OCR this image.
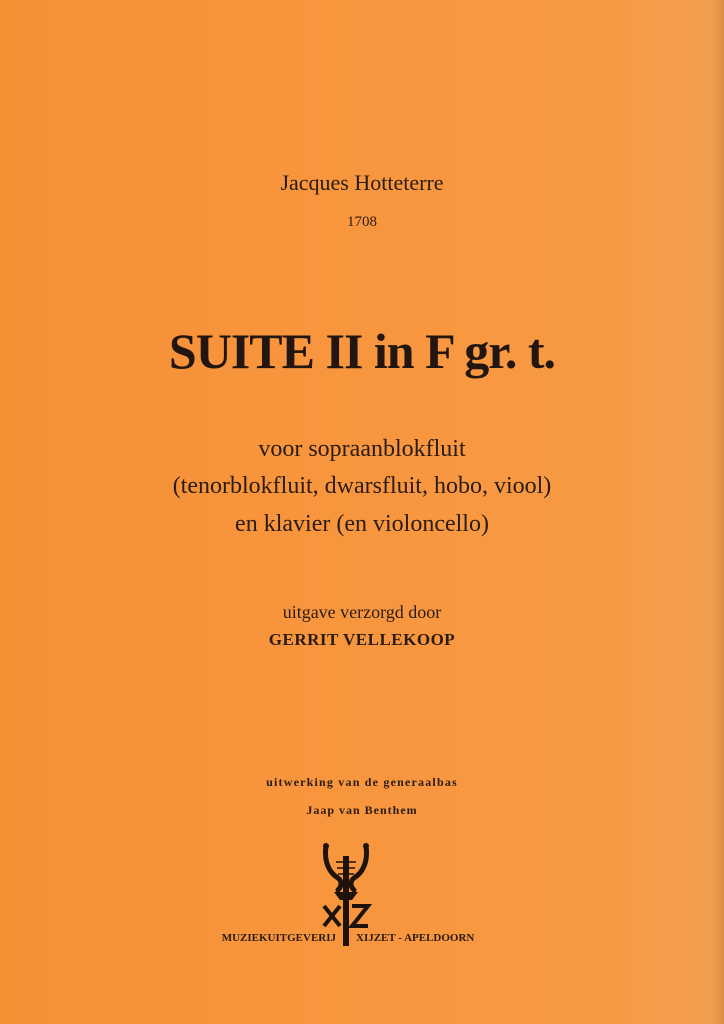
Jacques Hotteterre
1708
SUITE II in F gr. t.
voor sopraanblokfluit
(tenorblokfluit, dwarsfluit, hobo, viool)
en klavier (en violoncello)
uitgave verzorgd door
GERRIT VELLEKOOP
uitwerking van de generaalbas
Jaap van Benthem
MUZIEKUITGEVERIJ XIJZET - APELDOORN
